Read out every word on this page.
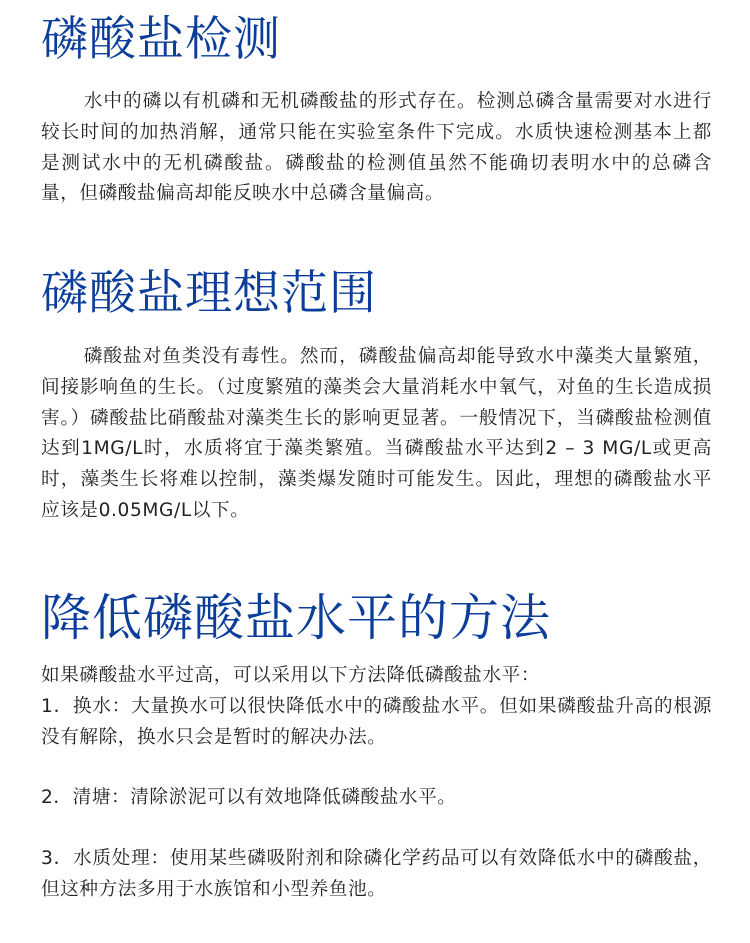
磷酸盐检测

水中的磷以有机磷和无机磷酸盐的形式存在。检测总磷含量需要对水进行较长时间的加热消解，通常只能在实验室条件下完成。水质快速检测基本上都是测试水中的无机磷酸盐。磷酸盐的检测值虽然不能确切表明水中的总磷含量，但磷酸盐偏高却能反映水中总磷含量偏高。

磷酸盐理想范围

磷酸盐对鱼类没有毒性。然而，磷酸盐偏高却能导致水中藻类大量繁殖，间接影响鱼的生长。（过度繁殖的藻类会大量消耗水中氧气，对鱼的生长造成损害。）磷酸盐比硝酸盐对藻类生长的影响更显著。一般情况下，当磷酸盐检测值达到1MG/L时，水质将宜于藻类繁殖。当磷酸盐水平达到2 – 3 MG/L或更高时，藻类生长将难以控制，藻类爆发随时可能发生。因此，理想的磷酸盐水平应该是0.05MG/L以下。

降低磷酸盐水平的方法

如果磷酸盐水平过高，可以采用以下方法降低磷酸盐水平：

1．换水：大量换水可以很快降低水中的磷酸盐水平。但如果磷酸盐升高的根源没有解除，换水只会是暂时的解决办法。

2．清塘：清除淤泥可以有效地降低磷酸盐水平。

3．水质处理：使用某些磷吸附剂和除磷化学药品可以有效降低水中的磷酸盐，但这种方法多用于水族馆和小型养鱼池。
